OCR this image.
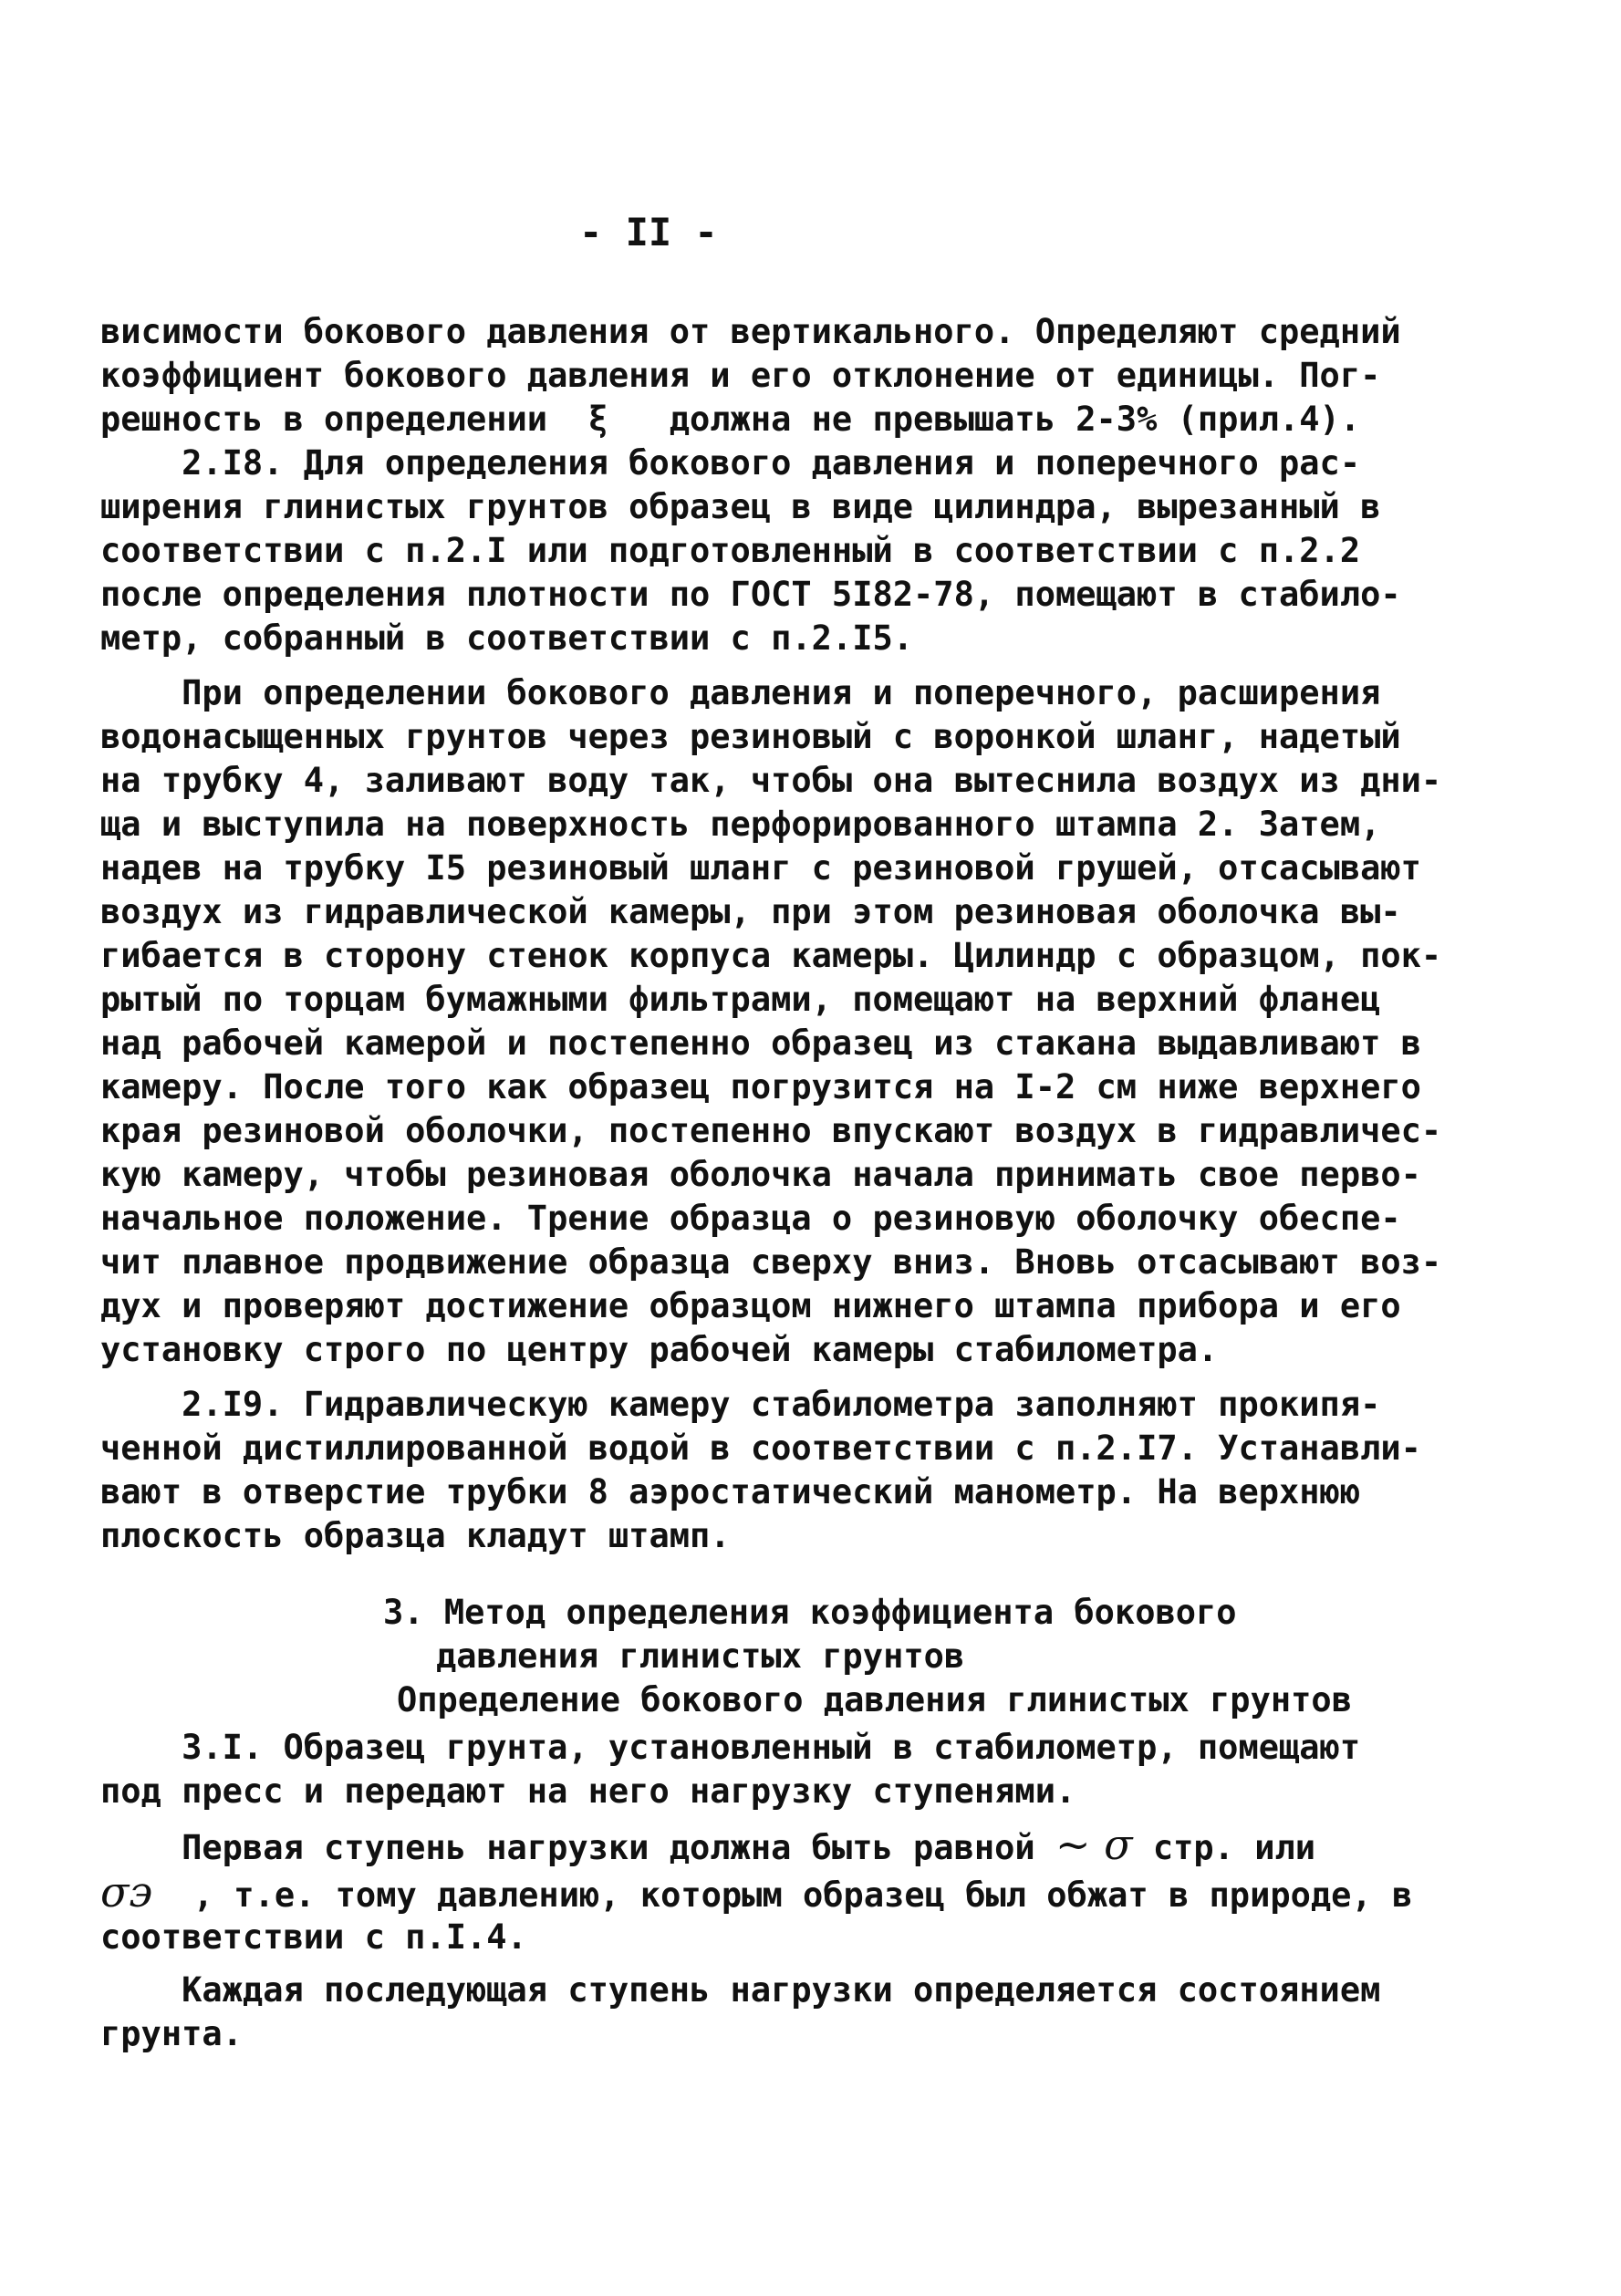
- II -
висимости бокового давления от вертикального. Определяют средний
коэффициент бокового давления и его отклонение от единицы. Пог-
решность в определении  ξ   должна не превышать 2-3% (прил.4).
2.I8. Для определения бокового давления и поперечного рас-
ширения глинистых грунтов образец в виде цилиндра, вырезанный в
соответствии с п.2.I или подготовленный в соответствии с п.2.2
после определения плотности по ГОСТ 5I82-78, помещают в стабило-
метр, собранный в соответствии с п.2.I5.
При определении бокового давления и поперечного, расширения
водонасыщенных грунтов через резиновый с воронкой шланг, надетый
на трубку 4, заливают воду так, чтобы она вытеснила воздух из дни-
ща и выступила на поверхность перфорированного штампа 2. Затем,
надев на трубку I5 резиновый шланг с резиновой грушей, отсасывают
воздух из гидравлической камеры, при этом резиновая оболочка вы-
гибается в сторону стенок корпуса камеры. Цилиндр с образцом, пок-
рытый по торцам бумажными фильтрами, помещают на верхний фланец
над рабочей камерой и постепенно образец из стакана выдавливают в
камеру. После того как образец погрузится на I-2 см ниже верхнего
края резиновой оболочки, постепенно впускают воздух в гидравличес-
кую камеру, чтобы резиновая оболочка начала принимать свое перво-
начальное положение. Трение образца о резиновую оболочку обеспе-
чит плавное продвижение образца сверху вниз. Вновь отсасывают воз-
дух и проверяют достижение образцом нижнего штампа прибора и его
установку строго по центру рабочей камеры стабилометра.
2.I9. Гидравлическую камеру стабилометра заполняют прокипя-
ченной дистиллированной водой в соответствии с п.2.I7. Устанавли-
вают в отверстие трубки 8 аэростатический манометр. На верхнюю
плоскость образца кладут штамп.
3. Метод определения коэффициента бокового
давления глинистых грунтов
Определение бокового давления глинистых грунтов
3.I. Образец грунта, установленный в стабилометр, помещают
под пресс и передают на него нагрузку ступенями.
Первая ступень нагрузки должна быть равной ~ σ стр. или
σэ  , т.е. тому давлению, которым образец был обжат в природе, в
соответствии с п.I.4.
Каждая последующая ступень нагрузки определяется состоянием
грунта.
